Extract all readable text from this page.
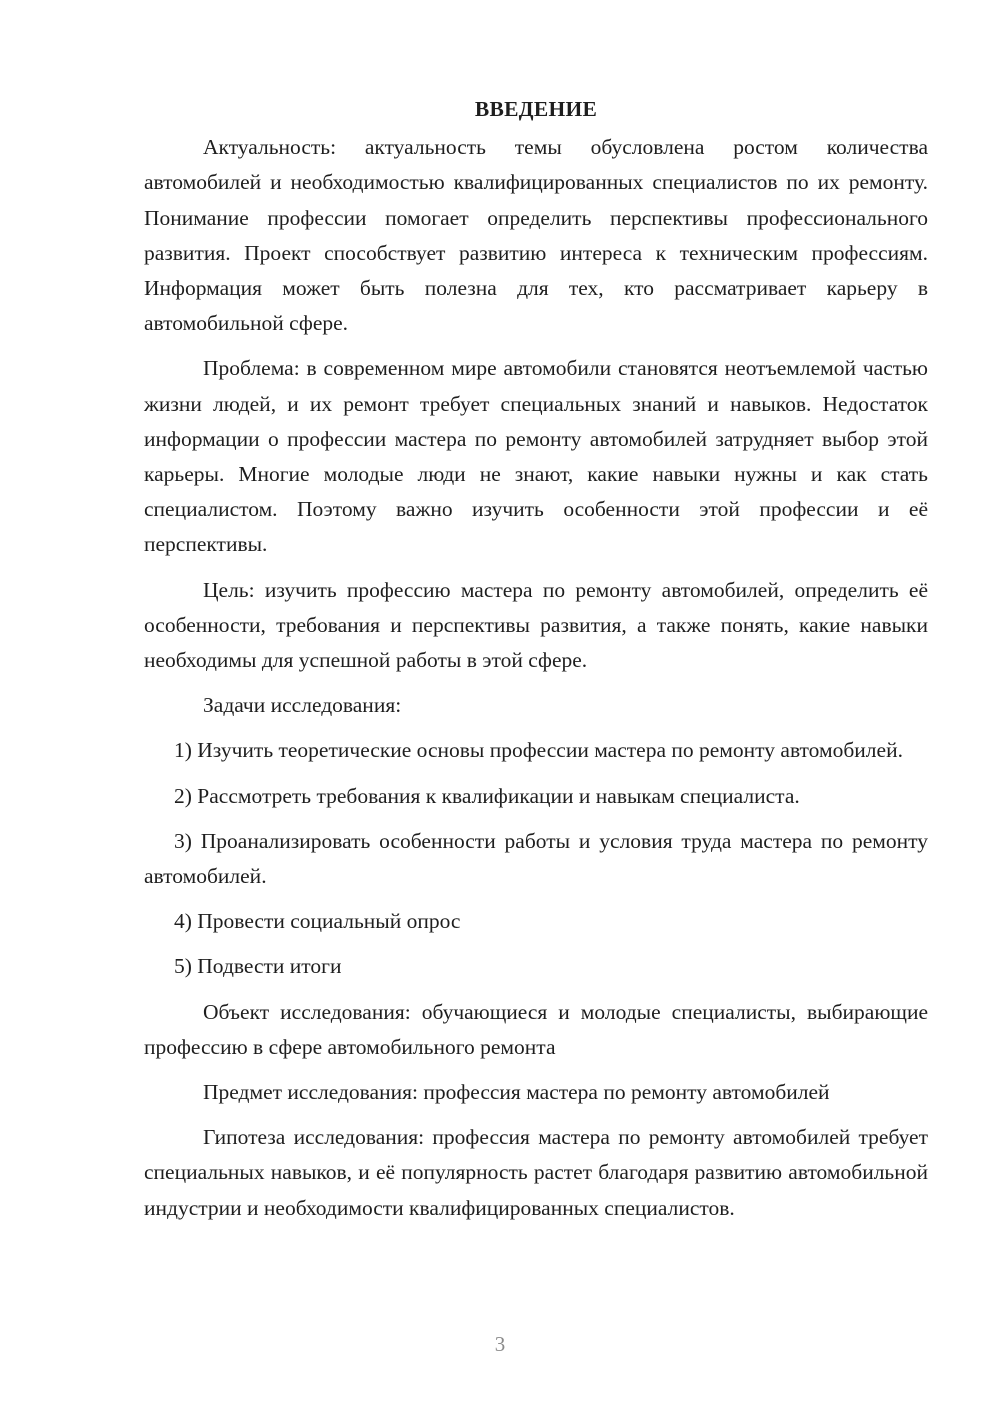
ВВЕДЕНИЕ

Актуальность: актуальность темы обусловлена ростом количества автомобилей и необходимостью квалифицированных специалистов по их ремонту. Понимание профессии помогает определить перспективы профессионального развития. Проект способствует развитию интереса к техническим профессиям. Информация может быть полезна для тех, кто рассматривает карьеру в автомобильной сфере.

Проблема: в современном мире автомобили становятся неотъемлемой частью жизни людей, и их ремонт требует специальных знаний и навыков. Недостаток информации о профессии мастера по ремонту автомобилей затрудняет выбор этой карьеры. Многие молодые люди не знают, какие навыки нужны и как стать специалистом. Поэтому важно изучить особенности этой профессии и её перспективы.

Цель: изучить профессию мастера по ремонту автомобилей, определить её особенности, требования и перспективы развития, а также понять, какие навыки необходимы для успешной работы в этой сфере.

Задачи исследования:

1) Изучить теоретические основы профессии мастера по ремонту автомобилей.

2) Рассмотреть требования к квалификации и навыкам специалиста.

3) Проанализировать особенности работы и условия труда мастера по ремонту автомобилей.

4) Провести социальный опрос

5) Подвести итоги

Объект исследования: обучающиеся и молодые специалисты, выбирающие профессию в сфере автомобильного ремонта

Предмет исследования: профессия мастера по ремонту автомобилей

Гипотеза исследования: профессия мастера по ремонту автомобилей требует специальных навыков, и её популярность растет благодаря развитию автомобильной индустрии и необходимости квалифицированных специалистов.

3
